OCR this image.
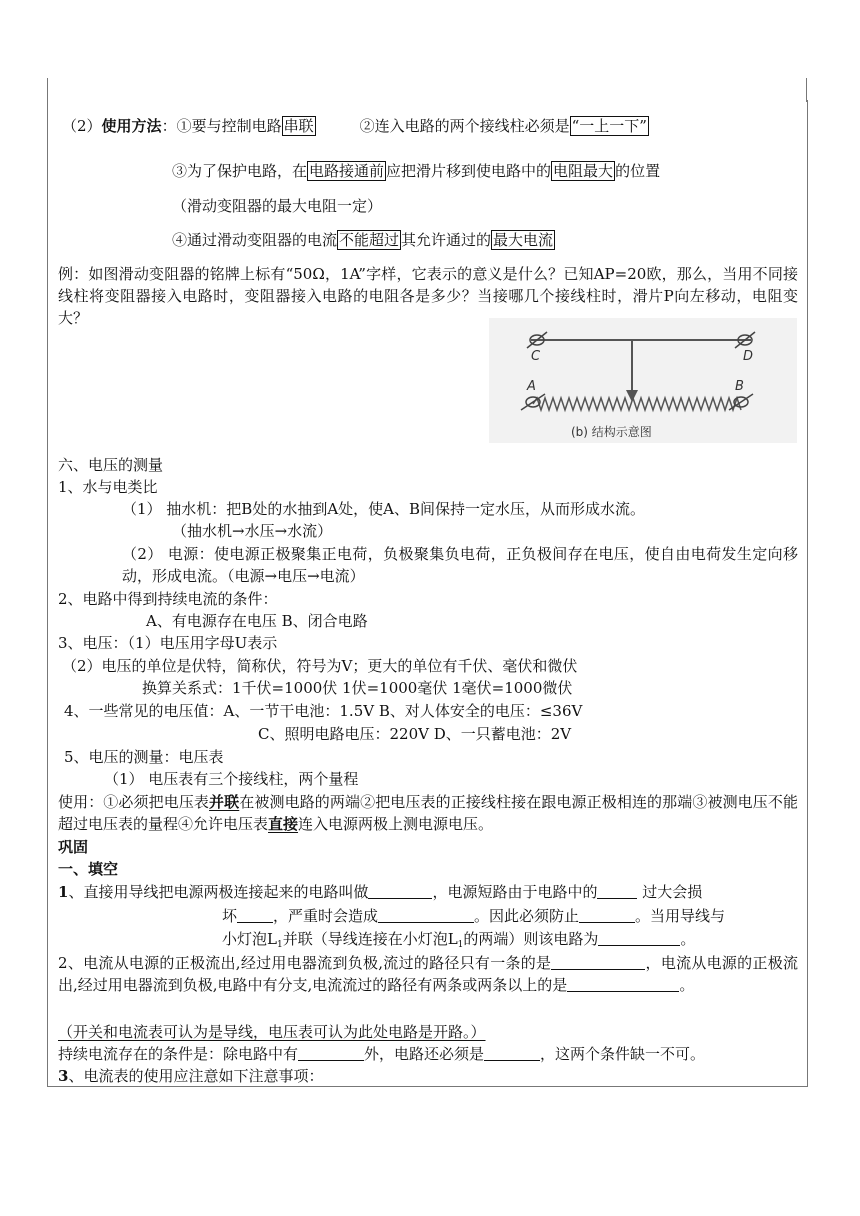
（2）使用方法：①要与控制电路 串联	②连入电路的两个接线柱必须是 “一上一下”
③为了保护电路，在 电路接通前 应把滑片移到使电路中的 电阻最大 的位置
（滑动变阻器的最大电阻一定）
④通过滑动变阻器的电流 不能超过 其允许通过的 最大电流
例：如图滑动变阻器的铭牌上标有“50Ω，1A”字样，它表示的意义是什么？已知AP=20欧，那么，当用不同接线柱将变阻器接入电路时，变阻器接入电路的电阻各是多少？当接哪几个接线柱时，滑片P向左移动，电阻变大？
C	D
A	B
(b) 结构示意图
六、电压的测量
1、水与电类比
（1） 抽水机：把B处的水抽到A处，使A、B间保持一定水压，从而形成水流。
（抽水机→水压→水流）
（2） 电源：使电源正极聚集正电荷，负极聚集负电荷，正负极间存在电压，使自由电荷发生定向移动，形成电流。（电源→电压→电流）
2、电路中得到持续电流的条件：
A、有电源存在电压 B、闭合电路
3、电压：（1）电压用字母U表示
（2）电压的单位是伏特，简称伏，符号为V；更大的单位有千伏、毫伏和微伏
换算关系式：1千伏=1000伏 1伏=1000毫伏 1毫伏=1000微伏
4、一些常见的电压值：A、一节干电池：1.5V B、对人体安全的电压：≤36V
C、照明电路电压：220V D、一只蓄电池：2V
5、电压的测量：电压表
（1） 电压表有三个接线柱，两个量程
使用：①必须把电压表并联在被测电路的两端②把电压表的正接线柱接在跟电源正极相连的那端③被测电压不能超过电压表的量程④允许电压表直接连入电源两极上测电源电压。
巩固
一、填空
1、直接用导线把电源两极连接起来的电路叫做	，电源短路由于电路中的	过大会损
坏 ，严重时会造成	。因此必须防止	。当用导线与
小灯泡$L_1$并联（导线连接在小灯泡$L_1$的两端）则该电路为	。
2、电流从电源的正极流出,经过用电器流到负极,流过的路径只有一条的是	，电流从电源的正极流出,经过用电器流到负极,电路中有分支,电流流过的路径有两条或两条以上的是	。
（开关和电流表可认为是导线，电压表可认为此处电路是开路。）
持续电流存在的条件是：除电路中有	外，电路还必须是	，这两个条件缺一不可。
3、电流表的使用应注意如下注意事项：
